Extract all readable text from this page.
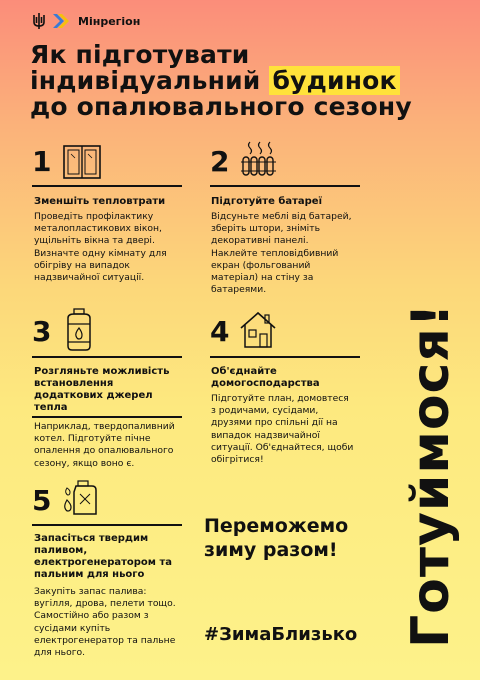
Мінрегіон
Як підготувати
індивідуальний будинок
до опалювального сезону
1
Зменшіть тепловтрати
Проведіть профілактику
металопластикових вікон,
ущільніть вікна та двері.
Визначте одну кімнату для
обігріву на випадок
надзвичайної ситуації.
2
Підготуйте батареї
Відсуньте меблі від батарей,
зберіть штори, зніміть
декоративні панелі.
Наклейте тепловідбивний
екран (фольгований
матеріал) на стіну за
батареями.
3
Розгляньте можливість
встановлення
додаткових джерел
тепла
Наприклад, твердопаливний
котел. Підготуйте пічне
опалення до опалювального
сезону, якщо воно є.
4
Об'єднайте
домогосподарства
Підготуйте план, домовтеся
з родичами, сусідами,
друзями про спільні дії на
випадок надзвичайної
ситуації. Об'єднайтеся, щоби
обігрітися!
5
Запасіться твердим
паливом,
електрогенератором та
пальним для нього
Закупіть запас палива:
вугілля, дрова, пелети тощо.
Самостійно або разом з
сусідами купіть
електрогенератор та пальне
для нього.
Переможемо
зиму разом!
#ЗимаБлизько Готуймося!
